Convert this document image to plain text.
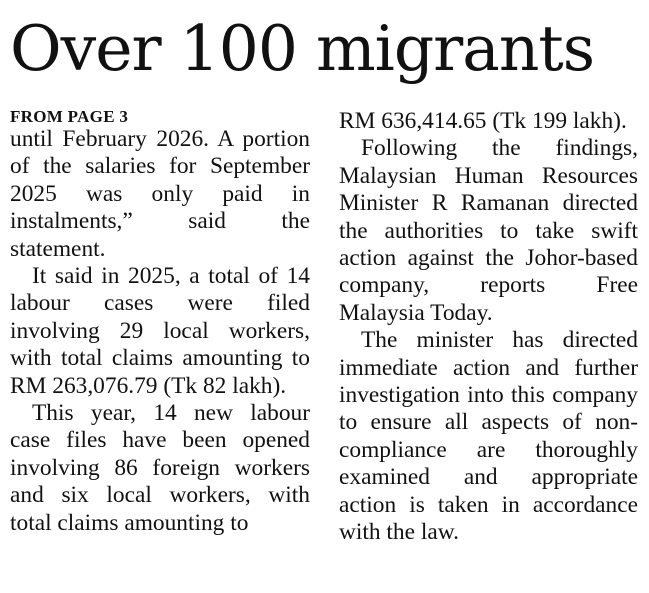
Over 100 migrants
FROM PAGE 3

until February 2026. A portion of the salaries for September 2025 was only paid in instalments,” said the statement.

It said in 2025, a total of 14 labour cases were filed involving 29 local workers, with total claims amounting to RM 263,076.79 (Tk 82 lakh).

This year, 14 new labour case files have been opened involving 86 foreign workers and six local workers, with total claims amounting to

RM 636,414.65 (Tk 199 lakh).

Following the findings, Malaysian Human Resources Minister R Ramanan directed the authorities to take swift action against the Johor-based company, reports Free Malaysia Today.

The minister has directed immediate action and further investigation into this company to ensure all aspects of non-compliance are thoroughly examined and appropriate action is taken in accordance with the law.
